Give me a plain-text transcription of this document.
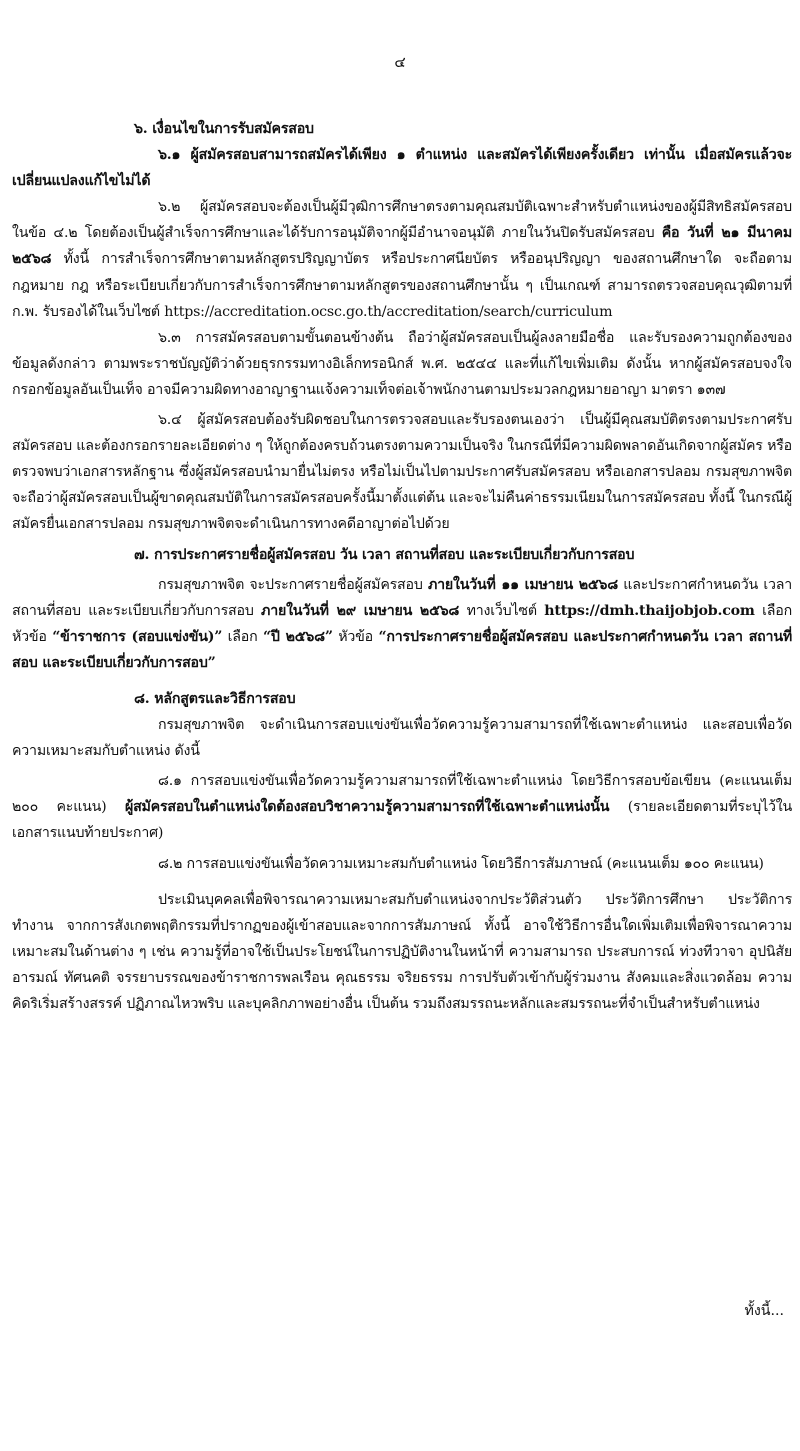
๔

๖. เงื่อนไขในการรับสมัครสอบ

๖.๑ ผู้สมัครสอบสามารถสมัครได้เพียง ๑ ตำแหน่ง และสมัครได้เพียงครั้งเดียว เท่านั้น เมื่อสมัครแล้วจะเปลี่ยนแปลงแก้ไขไม่ได้

๖.๒ ผู้สมัครสอบจะต้องเป็นผู้มีวุฒิการศึกษาตรงตามคุณสมบัติเฉพาะสำหรับตำแหน่งของผู้มีสิทธิสมัครสอบในข้อ ๔.๒ โดยต้องเป็นผู้สำเร็จการศึกษาและได้รับการอนุมัติจากผู้มีอำนาจอนุมัติ ภายในวันปิดรับสมัครสอบ คือ วันที่ ๒๑ มีนาคม ๒๕๖๘ ทั้งนี้ การสำเร็จการศึกษาตามหลักสูตรปริญญาบัตร หรือประกาศนียบัตร หรืออนุปริญญา ของสถานศึกษาใด จะถือตามกฎหมาย กฎ หรือระเบียบเกี่ยวกับการสำเร็จการศึกษาตามหลักสูตรของสถานศึกษานั้น ๆ เป็นเกณฑ์ สามารถตรวจสอบคุณวุฒิตามที่ ก.พ. รับรองได้ในเว็บไซต์ https://accreditation.ocsc.go.th/accreditation/search/curriculum

๖.๓ การสมัครสอบตามขั้นตอนข้างต้น ถือว่าผู้สมัครสอบเป็นผู้ลงลายมือชื่อ และรับรองความถูกต้องของข้อมูลดังกล่าว ตามพระราชบัญญัติว่าด้วยธุรกรรมทางอิเล็กทรอนิกส์ พ.ศ. ๒๕๔๔ และที่แก้ไขเพิ่มเติม ดังนั้น หากผู้สมัครสอบจงใจกรอกข้อมูลอันเป็นเท็จ อาจมีความผิดทางอาญาฐานแจ้งความเท็จต่อเจ้าพนักงานตามประมวลกฎหมายอาญา มาตรา ๑๓๗

๖.๔ ผู้สมัครสอบต้องรับผิดชอบในการตรวจสอบและรับรองตนเองว่า เป็นผู้มีคุณสมบัติตรงตามประกาศรับสมัครสอบ และต้องกรอกรายละเอียดต่าง ๆ ให้ถูกต้องครบถ้วนตรงตามความเป็นจริง ในกรณีที่มีความผิดพลาดอันเกิดจากผู้สมัคร หรือตรวจพบว่าเอกสารหลักฐาน ซึ่งผู้สมัครสอบนำมายื่นไม่ตรง หรือไม่เป็นไปตามประกาศรับสมัครสอบ หรือเอกสารปลอม กรมสุขภาพจิตจะถือว่าผู้สมัครสอบเป็นผู้ขาดคุณสมบัติในการสมัครสอบครั้งนี้มาตั้งแต่ต้น และจะไม่คืนค่าธรรมเนียมในการสมัครสอบ ทั้งนี้ ในกรณีผู้สมัครยื่นเอกสารปลอม กรมสุขภาพจิตจะดำเนินการทางคดีอาญาต่อไปด้วย

๗. การประกาศรายชื่อผู้สมัครสอบ วัน เวลา สถานที่สอบ และระเบียบเกี่ยวกับการสอบ

กรมสุขภาพจิต จะประกาศรายชื่อผู้สมัครสอบ ภายในวันที่ ๑๑ เมษายน ๒๕๖๘ และประกาศกำหนดวัน เวลา สถานที่สอบ และระเบียบเกี่ยวกับการสอบ ภายในวันที่ ๒๙ เมษายน ๒๕๖๘ ทางเว็บไซต์ https://dmh.thaijobjob.com เลือกหัวข้อ “ข้าราชการ (สอบแข่งขัน)” เลือก “ปี ๒๕๖๘” หัวข้อ “การประกาศรายชื่อผู้สมัครสอบ และประกาศกำหนดวัน เวลา สถานที่สอบ และระเบียบเกี่ยวกับการสอบ”

๘. หลักสูตรและวิธีการสอบ

กรมสุขภาพจิต จะดำเนินการสอบแข่งขันเพื่อวัดความรู้ความสามารถที่ใช้เฉพาะตำแหน่ง และสอบเพื่อวัดความเหมาะสมกับตำแหน่ง ดังนี้

๘.๑ การสอบแข่งขันเพื่อวัดความรู้ความสามารถที่ใช้เฉพาะตำแหน่ง โดยวิธีการสอบข้อเขียน (คะแนนเต็ม ๒๐๐ คะแนน) ผู้สมัครสอบในตำแหน่งใดต้องสอบวิชาความรู้ความสามารถที่ใช้เฉพาะตำแหน่งนั้น (รายละเอียดตามที่ระบุไว้ในเอกสารแนบท้ายประกาศ)

๘.๒ การสอบแข่งขันเพื่อวัดความเหมาะสมกับตำแหน่ง โดยวิธีการสัมภาษณ์ (คะแนนเต็ม ๑๐๐ คะแนน)

ประเมินบุคคลเพื่อพิจารณาความเหมาะสมกับตำแหน่งจากประวัติส่วนตัว ประวัติการศึกษา ประวัติการทำงาน จากการสังเกตพฤติกรรมที่ปรากฏของผู้เข้าสอบและจากการสัมภาษณ์ ทั้งนี้ อาจใช้วิธีการอื่นใดเพิ่มเติมเพื่อพิจารณาความเหมาะสมในด้านต่าง ๆ เช่น ความรู้ที่อาจใช้เป็นประโยชน์ในการปฏิบัติงานในหน้าที่ ความสามารถ ประสบการณ์ ท่วงทีวาจา อุปนิสัย อารมณ์ ทัศนคติ จรรยาบรรณของข้าราชการพลเรือน คุณธรรม จริยธรรม การปรับตัวเข้ากับผู้ร่วมงาน สังคมและสิ่งแวดล้อม ความคิดริเริ่มสร้างสรรค์ ปฏิภาณไหวพริบ และบุคลิกภาพอย่างอื่น เป็นต้น รวมถึงสมรรถนะหลักและสมรรถนะที่จำเป็นสำหรับตำแหน่ง

ทั้งนี้...
